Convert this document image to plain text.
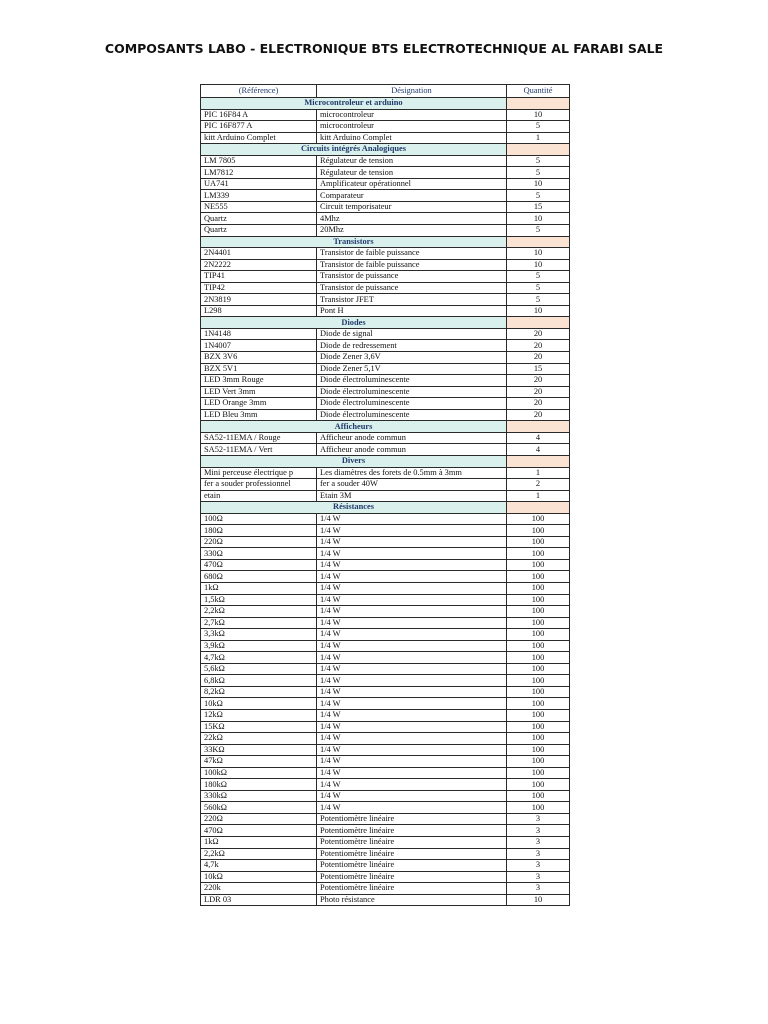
COMPOSANTS LABO - ELECTRONIQUE BTS ELECTROTECHNIQUE AL FARABI SALE
(Référence)	Désignation	Quantité
Microcontroleur et arduino		
PIC 16F84 A	microcontroleur	10
PIC 16F877 A	microcontroleur	5
kitt Arduino Complet	kitt Arduino Complet	1
Circuits intégrés Analogiques		
LM 7805	Régulateur de tension	5
LM7812	Régulateur de tension	5
UA741	Amplificateur opérationnel	10
LM339	Comparateur	5
NE555	Circuit temporisateur	15
Quartz	4Mhz	10
Quartz	20Mhz	5
Transistors		
2N4401	Transistor de faible puissance	10
2N2222	Transistor de faible puissance	10
TIP41	Transistor de puissance	5
TIP42	Transistor de puissance	5
2N3819	Transistor JFET	5
L298	Pont H	10
Diodes		
1N4148	Diode de signal	20
1N4007	Diode de redressement	20
BZX 3V6	Diode Zener 3,6V	20
BZX 5V1	Diode Zener 5,1V	15
LED 3mm Rouge	Diode électroluminescente	20
LED Vert 3mm	Diode électroluminescente	20
LED Orange 3mm	Diode électroluminescente	20
LED Bleu 3mm	Diode électroluminescente	20
Afficheurs		
SA52-11EMA / Rouge	Afficheur anode commun	4
SA52-11EMA / Vert	Afficheur anode commun	4
Divers		
Mini perceuse électrique p	Les diamètres des forets de 0.5mm à 3mm	1
fer a souder professionnel	fer a souder 40W	2
etain	Etain 3M	1
Résistances		
100Ω	1/4 W	100
180Ω	1/4 W	100
220Ω	1/4 W	100
330Ω	1/4 W	100
470Ω	1/4 W	100
680Ω	1/4 W	100
1kΩ	1/4 W	100
1,5kΩ	1/4 W	100
2,2kΩ	1/4 W	100
2,7kΩ	1/4 W	100
3,3kΩ	1/4 W	100
3,9kΩ	1/4 W	100
4,7kΩ	1/4 W	100
5,6kΩ	1/4 W	100
6,8kΩ	1/4 W	100
8,2kΩ	1/4 W	100
10kΩ	1/4 W	100
12kΩ	1/4 W	100
15KΩ	1/4 W	100
22kΩ	1/4 W	100
33KΩ	1/4 W	100
47kΩ	1/4 W	100
100kΩ	1/4 W	100
180kΩ	1/4 W	100
330kΩ	1/4 W	100
560kΩ	1/4 W	100
220Ω	Potentiomètre linéaire	3
470Ω	Potentiomètre linéaire	3
1kΩ	Potentiomètre linéaire	3
2,2kΩ	Potentiomètre linéaire	3
4,7k	Potentiomètre linéaire	3
10kΩ	Potentiomètre linéaire	3
220k	Potentiomètre linéaire	3
LDR 03	Photo résistance	10
